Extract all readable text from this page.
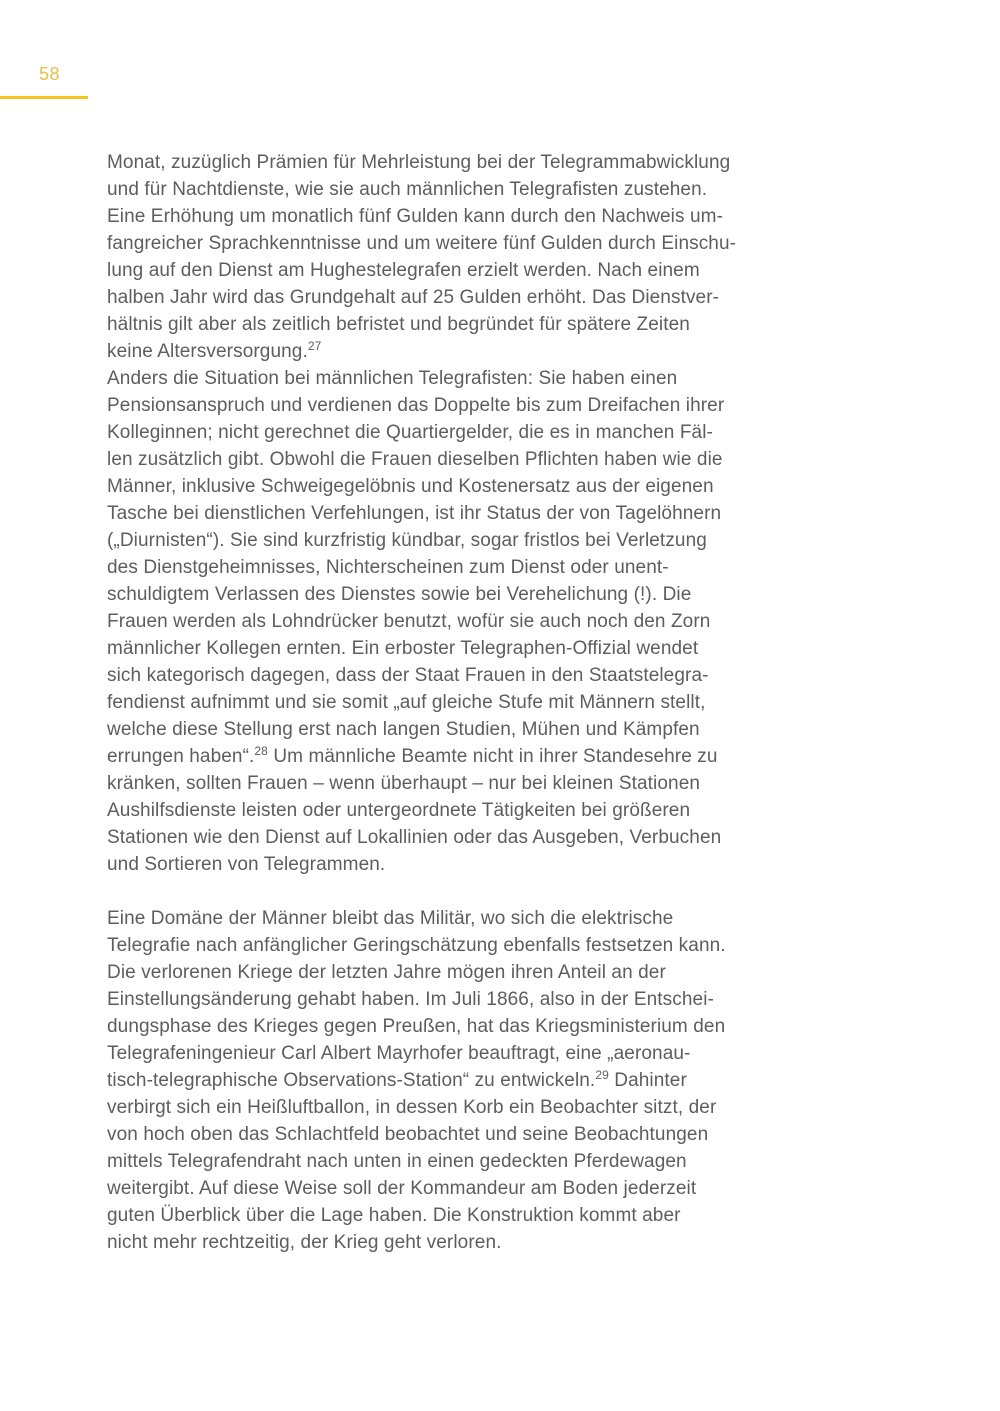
58
Monat, zuzüglich Prämien für Mehrleistung bei der Telegrammabwicklung
und für Nachtdienste, wie sie auch männlichen Telegrafisten zustehen.
Eine Erhöhung um monatlich fünf Gulden kann durch den Nachweis um-
fangreicher Sprachkenntnisse und um weitere fünf Gulden durch Einschu-
lung auf den Dienst am Hughestelegrafen erzielt werden. Nach einem
halben Jahr wird das Grundgehalt auf 25 Gulden erhöht. Das Dienstver-
hältnis gilt aber als zeitlich befristet und begründet für spätere Zeiten
keine Altersversorgung.$^{27}$
Anders die Situation bei männlichen Telegrafisten: Sie haben einen
Pensionsanspruch und verdienen das Doppelte bis zum Dreifachen ihrer
Kolleginnen; nicht gerechnet die Quartiergelder, die es in manchen Fäl-
len zusätzlich gibt. Obwohl die Frauen dieselben Pflichten haben wie die
Männer, inklusive Schweigegelöbnis und Kostenersatz aus der eigenen
Tasche bei dienstlichen Verfehlungen, ist ihr Status der von Tagelöhnern
(„Diurnisten“). Sie sind kurzfristig kündbar, sogar fristlos bei Verletzung
des Dienstgeheimnisses, Nichterscheinen zum Dienst oder unent-
schuldigtem Verlassen des Dienstes sowie bei Verehelichung (!). Die
Frauen werden als Lohndrücker benutzt, wofür sie auch noch den Zorn
männlicher Kollegen ernten. Ein erboster Telegraphen-Offizial wendet
sich kategorisch dagegen, dass der Staat Frauen in den Staatstelegra-
fendienst aufnimmt und sie somit „auf gleiche Stufe mit Männern stellt,
welche diese Stellung erst nach langen Studien, Mühen und Kämpfen
errungen haben“.$^{28}$ Um männliche Beamte nicht in ihrer Standesehre zu
kränken, sollten Frauen – wenn überhaupt – nur bei kleinen Stationen
Aushilfsdienste leisten oder untergeordnete Tätigkeiten bei größeren
Stationen wie den Dienst auf Lokallinien oder das Ausgeben, Verbuchen
und Sortieren von Telegrammen.
Eine Domäne der Männer bleibt das Militär, wo sich die elektrische
Telegrafie nach anfänglicher Geringschätzung ebenfalls festsetzen kann.
Die verlorenen Kriege der letzten Jahre mögen ihren Anteil an der
Einstellungsänderung gehabt haben. Im Juli 1866, also in der Entschei-
dungsphase des Krieges gegen Preußen, hat das Kriegsministerium den
Telegrafeningenieur Carl Albert Mayrhofer beauftragt, eine „aeronau-
tisch-telegraphische Observations-Station“ zu entwickeln.$^{29}$ Dahinter
verbirgt sich ein Heißluftballon, in dessen Korb ein Beobachter sitzt, der
von hoch oben das Schlachtfeld beobachtet und seine Beobachtungen
mittels Telegrafendraht nach unten in einen gedeckten Pferdewagen
weitergibt. Auf diese Weise soll der Kommandeur am Boden jederzeit
guten Überblick über die Lage haben. Die Konstruktion kommt aber
nicht mehr rechtzeitig, der Krieg geht verloren.
